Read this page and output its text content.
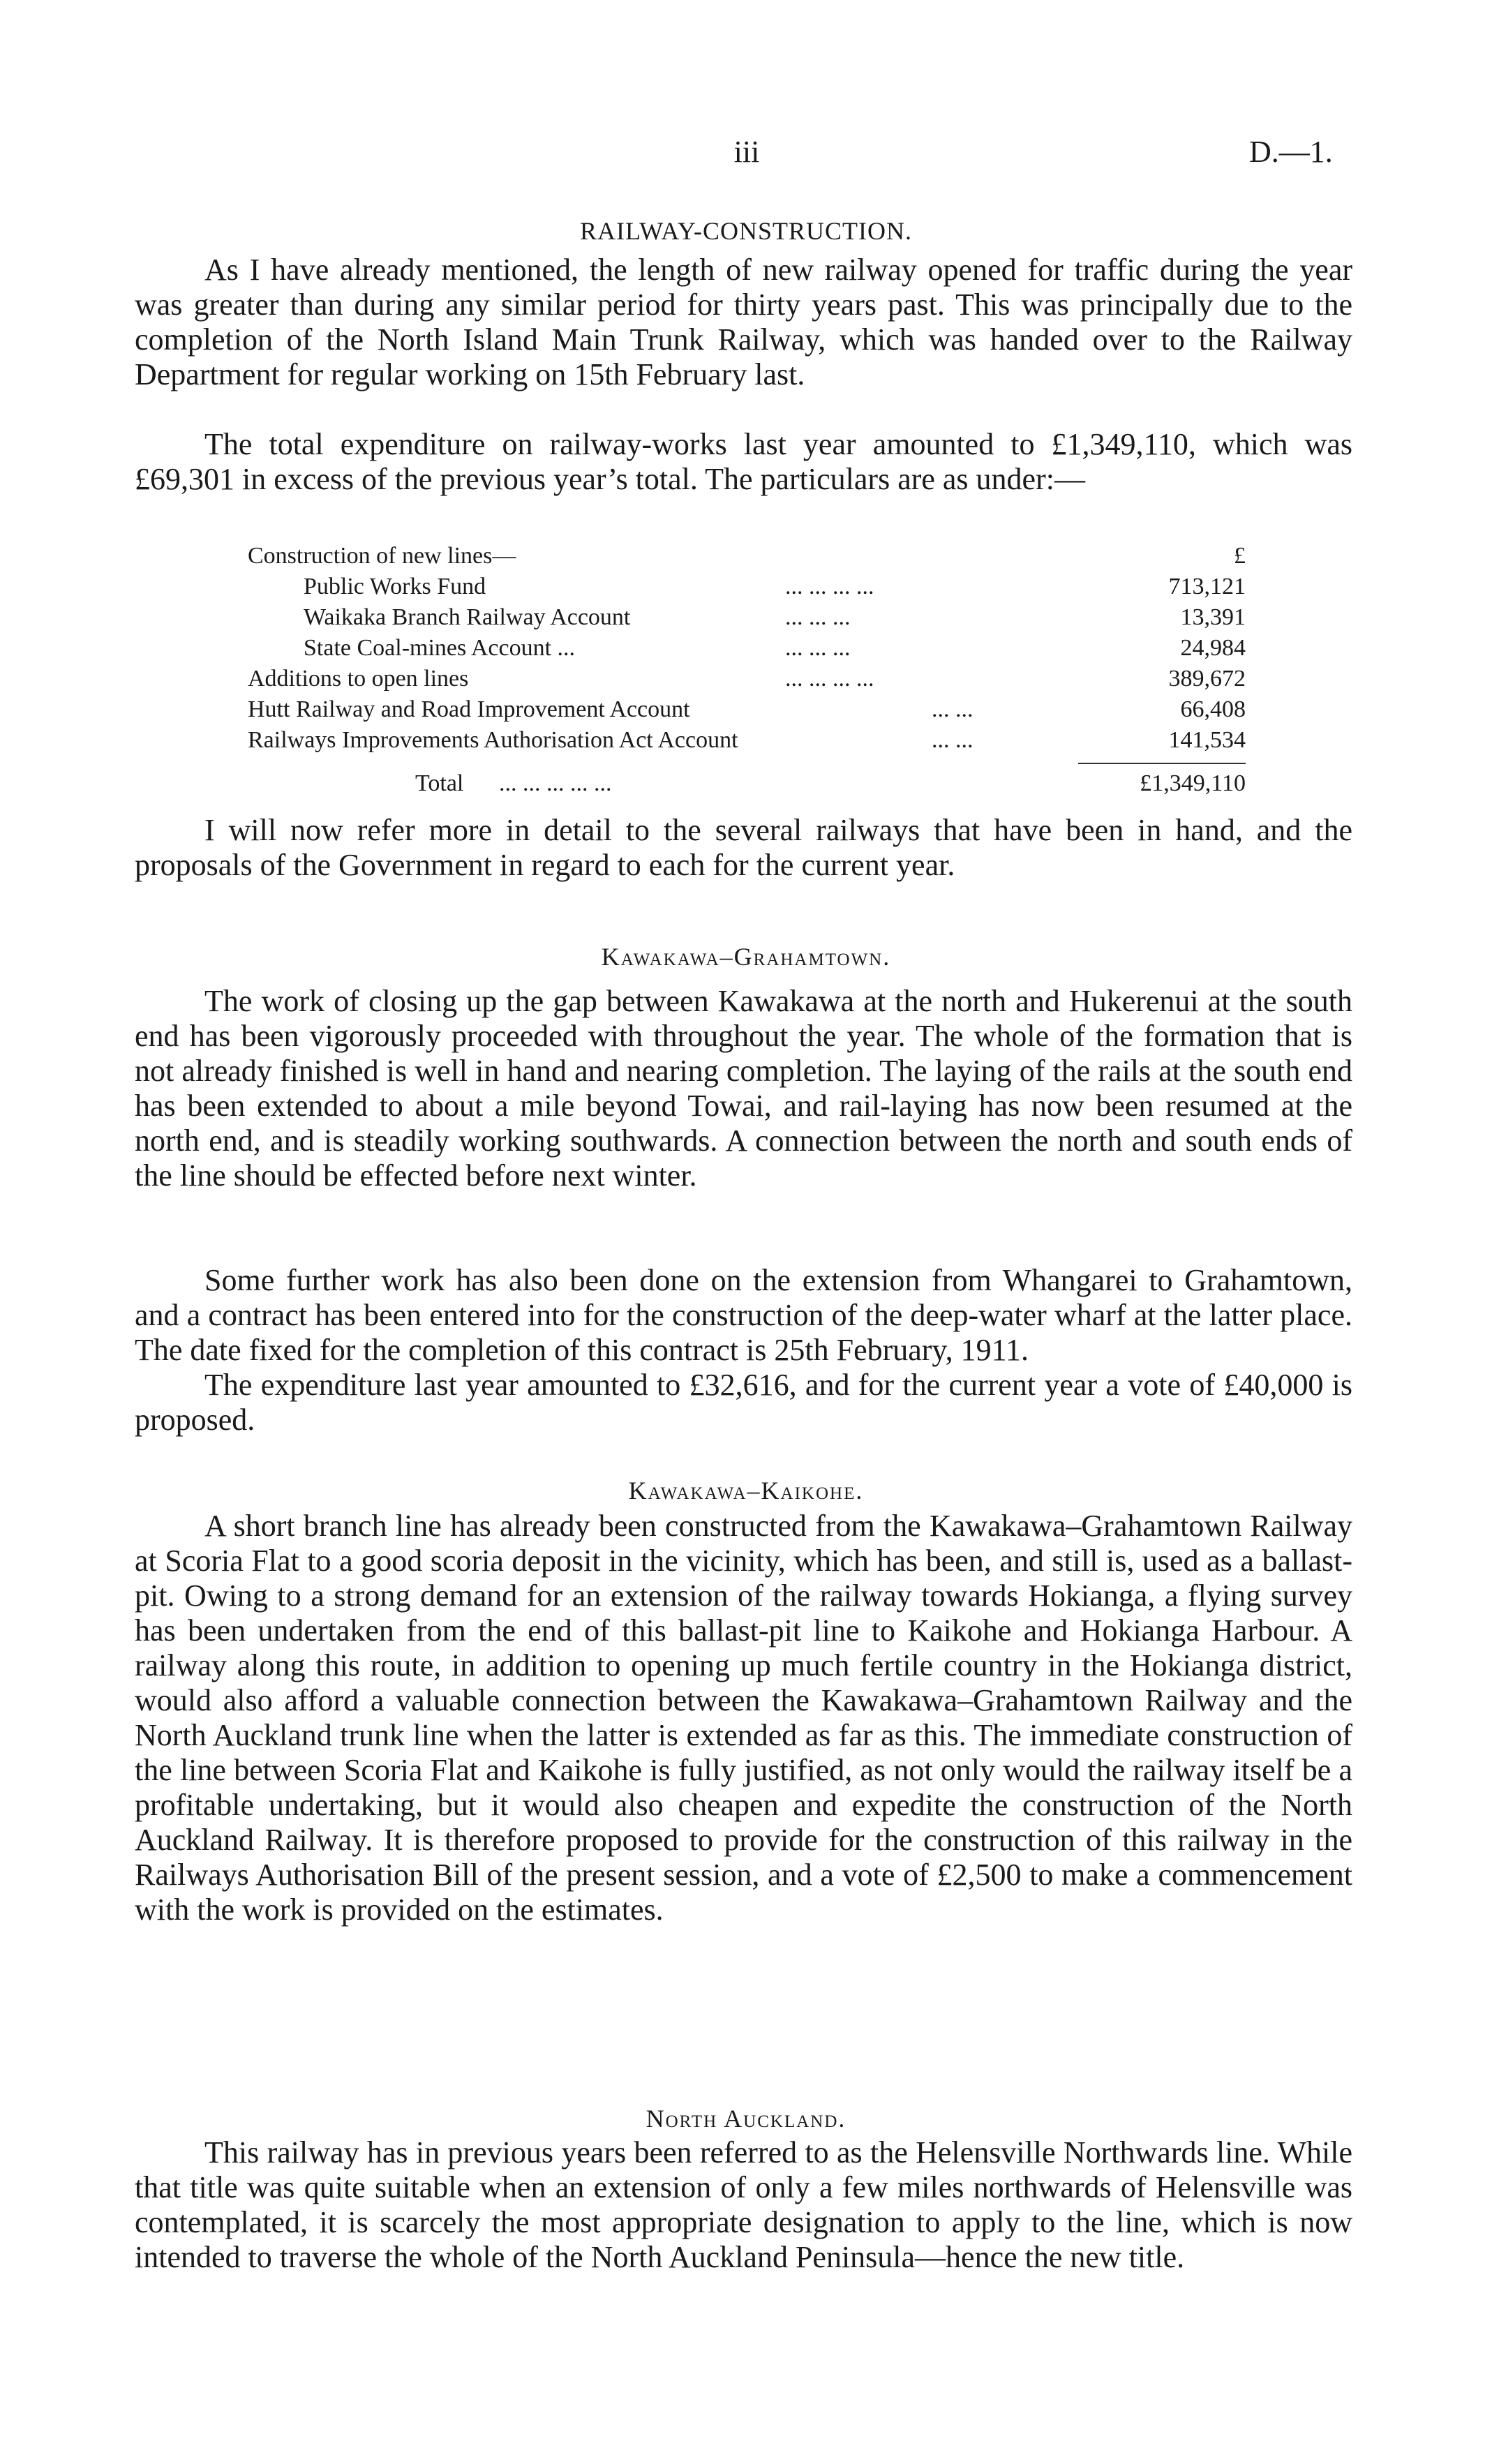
iii	D.—1.
RAILWAY-CONSTRUCTION.

As I have already mentioned, the length of new railway opened for traffic during the year was greater than during any similar period for thirty years past. This was principally due to the completion of the North Island Main Trunk Railway, which was handed over to the Railway Department for regular working on 15th February last.

The total expenditure on railway-works last year amounted to £1,349,110, which was £69,301 in excess of the previous year’s total. The particulars are as under:—

Construction of new lines—	£
Public Works Fund	... ... ... ...	713,121
Waikaka Branch Railway Account	... ... ...	13,391
State Coal-mines Account ...	... ... ...	24,984
Additions to open lines	... ... ... ...	389,672
Hutt Railway and Road Improvement Account	... ...	66,408
Railways Improvements Authorisation Act Account	... ...	141,534
Total ... ... ... ... ...	£1,349,110

I will now refer more in detail to the several railways that have been in hand, and the proposals of the Government in regard to each for the current year.

Kawakawa–Grahamtown.

The work of closing up the gap between Kawakawa at the north and Hukerenui at the south end has been vigorously proceeded with throughout the year. The whole of the formation that is not already finished is well in hand and nearing completion. The laying of the rails at the south end has been extended to about a mile beyond Towai, and rail-laying has now been resumed at the north end, and is steadily working southwards. A connection between the north and south ends of the line should be effected before next winter.

Some further work has also been done on the extension from Whangarei to Grahamtown, and a contract has been entered into for the construction of the deep-water wharf at the latter place. The date fixed for the completion of this contract is 25th February, 1911.

The expenditure last year amounted to £32,616, and for the current year a vote of £40,000 is proposed.

Kawakawa–Kaikohe.

A short branch line has already been constructed from the Kawakawa–Grahamtown Railway at Scoria Flat to a good scoria deposit in the vicinity, which has been, and still is, used as a ballast-pit. Owing to a strong demand for an extension of the railway towards Hokianga, a flying survey has been undertaken from the end of this ballast-pit line to Kaikohe and Hokianga Harbour. A railway along this route, in addition to opening up much fertile country in the Hokianga district, would also afford a valuable connection between the Kawakawa–Grahamtown Railway and the North Auckland trunk line when the latter is extended as far as this. The immediate construction of the line between Scoria Flat and Kaikohe is fully justified, as not only would the railway itself be a profitable undertaking, but it would also cheapen and expedite the construction of the North Auckland Railway. It is therefore proposed to provide for the construction of this railway in the Railways Authorisation Bill of the present session, and a vote of £2,500 to make a commencement with the work is provided on the estimates.

North Auckland.

This railway has in previous years been referred to as the Helensville Northwards line. While that title was quite suitable when an extension of only a few miles northwards of Helensville was contemplated, it is scarcely the most appropriate designation to apply to the line, which is now intended to traverse the whole of the North Auckland Peninsula—hence the new title.
